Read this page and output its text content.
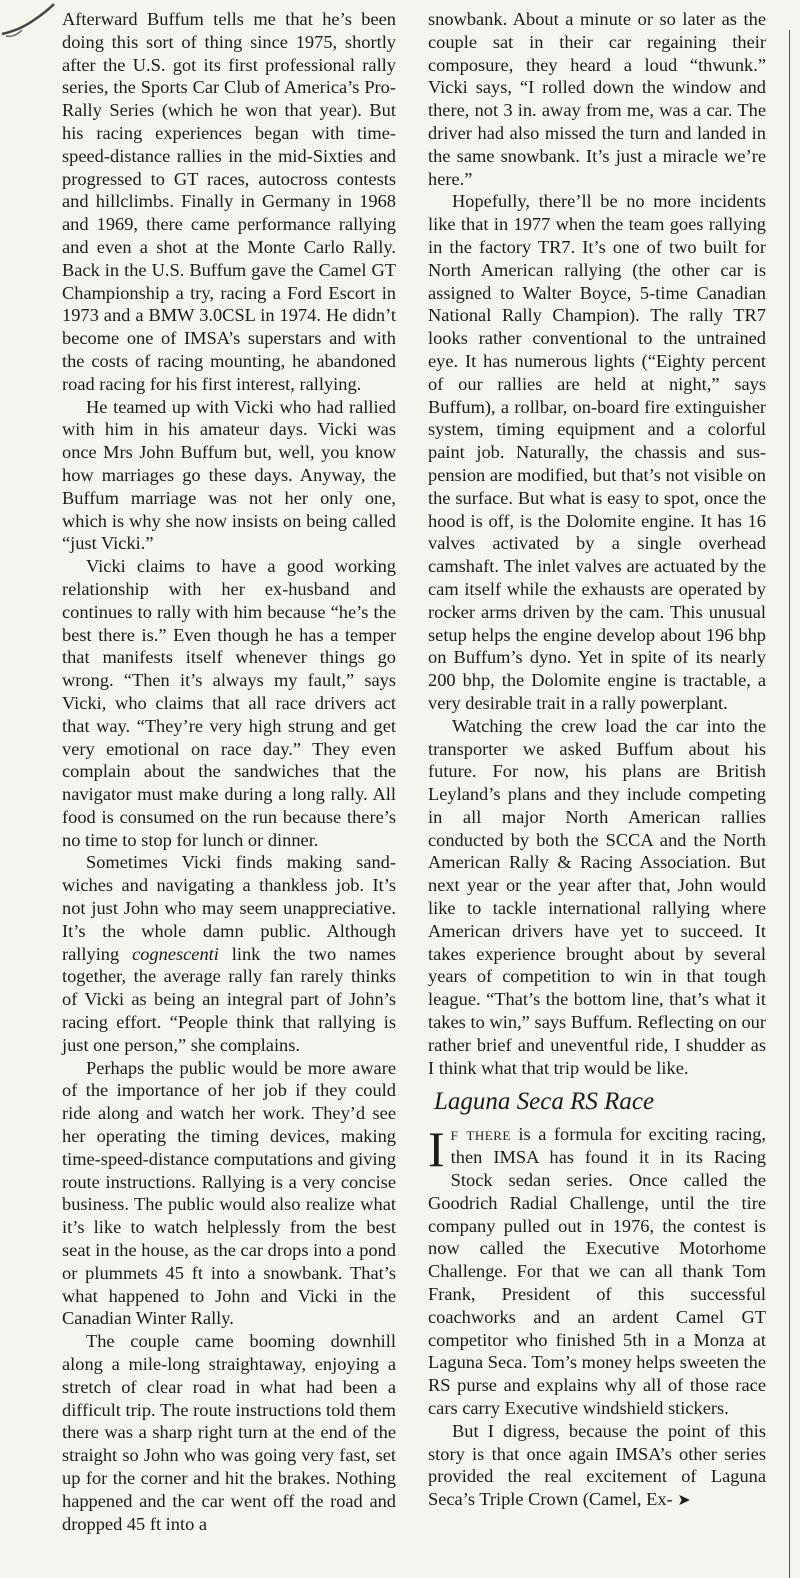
Afterward Buffum tells me that he’s been doing this sort of thing since 1975, shortly after the U.S. got its first professional rally series, the Sports Car Club of America’s Pro-Rally Series (which he won that year). But his racing experiences began with time-speed-distance rallies in the mid-Sixties and progressed to GT races, autocross contests and hillclimbs. Finally in Germany in 1968 and 1969, there came performance rallying and even a shot at the Monte Carlo Rally. Back in the U.S. Buffum gave the Camel GT Championship a try, racing a Ford Escort in 1973 and a BMW 3.0CSL in 1974. He didn’t become one of IMSA’s superstars and with the costs of racing mounting, he abandoned road racing for his first interest, rallying.

He teamed up with Vicki who had rallied with him in his amateur days. Vicki was once Mrs John Buffum but, well, you know how marriages go these days. Anyway, the Buffum marriage was not her only one, which is why she now insists on being called “just Vicki.”

Vicki claims to have a good working relationship with her ex-husband and continues to rally with him because “he’s the best there is.” Even though he has a temper that manifests itself whenever things go wrong. “Then it’s always my fault,” says Vicki, who claims that all race drivers act that way. “They’re very high strung and get very emotional on race day.” They even complain about the sandwiches that the navigator must make during a long rally. All food is consumed on the run because there’s no time to stop for lunch or dinner.

Sometimes Vicki finds making sandwiches and navigating a thankless job. It’s not just John who may seem unappreciative. It’s the whole damn public. Although rallying cognescenti link the two names together, the average rally fan rarely thinks of Vicki as being an integral part of John’s racing effort. “People think that rallying is just one person,” she complains.

Perhaps the public would be more aware of the importance of her job if they could ride along and watch her work. They’d see her operating the timing devices, making time-speed-distance computations and giving route instructions. Rallying is a very concise business. The public would also realize what it’s like to watch helplessly from the best seat in the house, as the car drops into a pond or plummets 45 ft into a snowbank. That’s what happened to John and Vicki in the Canadian Winter Rally.

The couple came booming downhill along a mile-long straightaway, enjoying a stretch of clear road in what had been a difficult trip. The route instructions told them there was a sharp right turn at the end of the straight so John who was going very fast, set up for the corner and hit the brakes. Nothing happened and the car went off the road and dropped 45 ft into a

snowbank. About a minute or so later as the couple sat in their car regaining their composure, they heard a loud “thwunk.” Vicki says, “I rolled down the window and there, not 3 in. away from me, was a car. The driver had also missed the turn and landed in the same snowbank. It’s just a miracle we’re here.”

Hopefully, there’ll be no more incidents like that in 1977 when the team goes rallying in the factory TR7. It’s one of two built for North American rallying (the other car is assigned to Walter Boyce, 5-time Canadian National Rally Champion). The rally TR7 looks rather conventional to the untrained eye. It has numerous lights (“Eighty percent of our rallies are held at night,” says Buffum), a rollbar, on-board fire extinguisher system, timing equipment and a colorful paint job. Naturally, the chassis and suspension are modified, but that’s not visible on the surface. But what is easy to spot, once the hood is off, is the Dolomite engine. It has 16 valves activated by a single overhead camshaft. The inlet valves are actuated by the cam itself while the exhausts are operated by rocker arms driven by the cam. This unusual setup helps the engine develop about 196 bhp on Buffum’s dyno. Yet in spite of its nearly 200 bhp, the Dolomite engine is tractable, a very desirable trait in a rally powerplant.

Watching the crew load the car into the transporter we asked Buffum about his future. For now, his plans are British Leyland’s plans and they include competing in all major North American rallies conducted by both the SCCA and the North American Rally & Racing Association. But next year or the year after that, John would like to tackle international rallying where American drivers have yet to succeed. It takes experience brought about by several years of competition to win in that tough league. “That’s the bottom line, that’s what it takes to win,” says Buffum. Reflecting on our rather brief and uneventful ride, I shudder as I think what that trip would be like.

Laguna Seca RS Race

If there is a formula for exciting racing, then IMSA has found it in its Racing Stock sedan series. Once called the Goodrich Radial Challenge, until the tire company pulled out in 1976, the contest is now called the Executive Motorhome Challenge. For that we can all thank Tom Frank, President of this successful coachworks and an ardent Camel GT competitor who finished 5th in a Monza at Laguna Seca. Tom’s money helps sweeten the RS purse and explains why all of those race cars carry Executive windshield stickers.

But I digress, because the point of this story is that once again IMSA’s other series provided the real excitement of Laguna Seca’s Triple Crown (Camel, Ex- ➤
